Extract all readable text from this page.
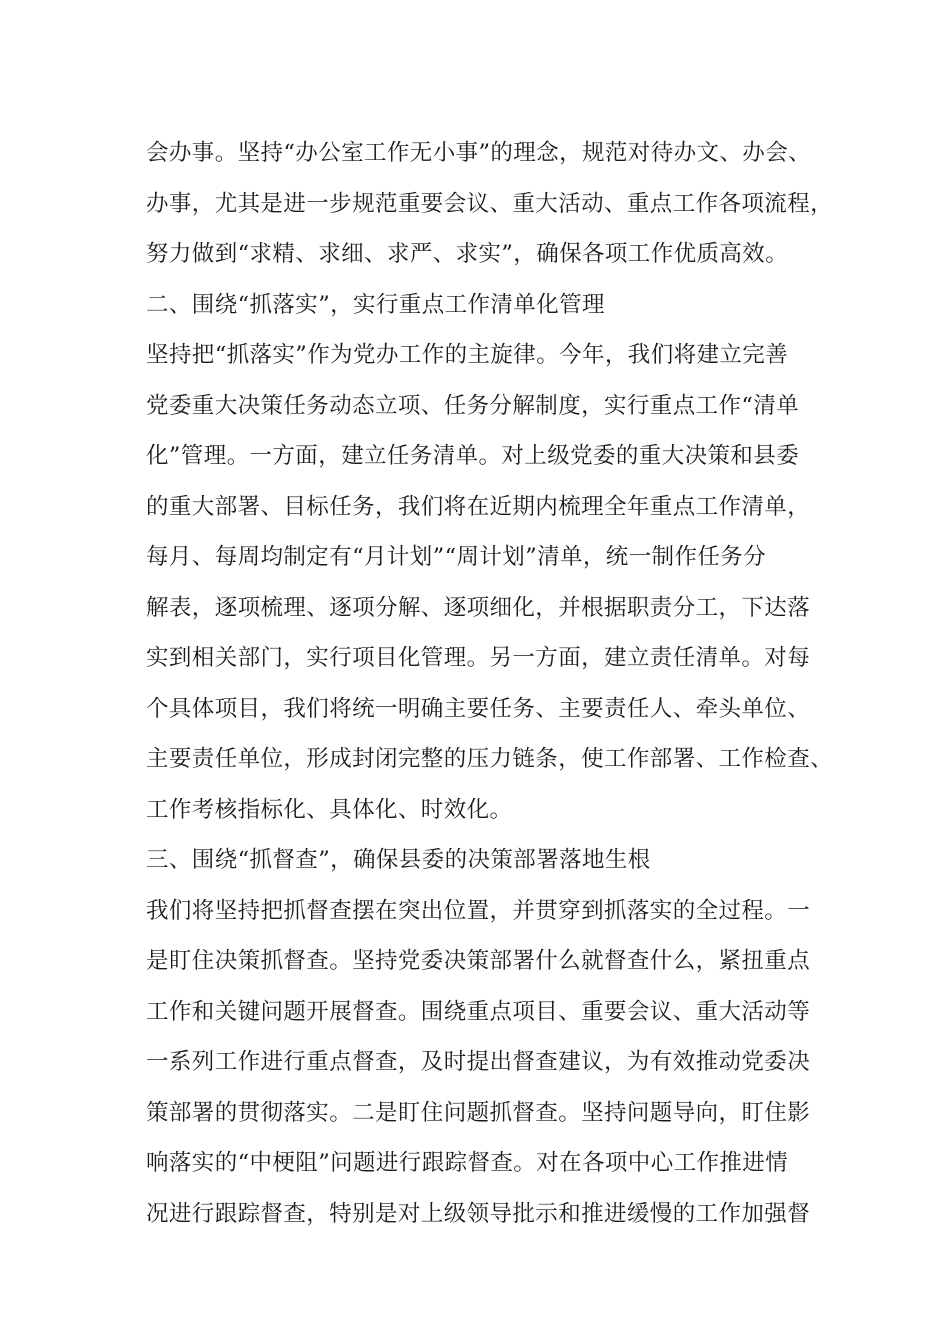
会办事。坚持“办公室工作无小事”的理念，规范对待办文、办会、
办事，尤其是进一步规范重要会议、重大活动、重点工作各项流程，
努力做到“求精、求细、求严、求实”，确保各项工作优质高效。
二、围绕“抓落实”，实行重点工作清单化管理
坚持把“抓落实”作为党办工作的主旋律。今年，我们将建立完善
党委重大决策任务动态立项、任务分解制度，实行重点工作“清单
化”管理。一方面，建立任务清单。对上级党委的重大决策和县委
的重大部署、目标任务，我们将在近期内梳理全年重点工作清单，
每月、每周均制定有“月计划”“周计划”清单，统一制作任务分
解表，逐项梳理、逐项分解、逐项细化，并根据职责分工，下达落
实到相关部门，实行项目化管理。另一方面，建立责任清单。对每
个具体项目，我们将统一明确主要任务、主要责任人、牵头单位、
主要责任单位，形成封闭完整的压力链条，使工作部署、工作检查、
工作考核指标化、具体化、时效化。
三、围绕“抓督查”，确保县委的决策部署落地生根
我们将坚持把抓督查摆在突出位置，并贯穿到抓落实的全过程。一
是盯住决策抓督查。坚持党委决策部署什么就督查什么，紧扭重点
工作和关键问题开展督查。围绕重点项目、重要会议、重大活动等
一系列工作进行重点督查，及时提出督查建议，为有效推动党委决
策部署的贯彻落实。二是盯住问题抓督查。坚持问题导向，盯住影
响落实的“中梗阻”问题进行跟踪督查。对在各项中心工作推进情
况进行跟踪督查，特别是对上级领导批示和推进缓慢的工作加强督
